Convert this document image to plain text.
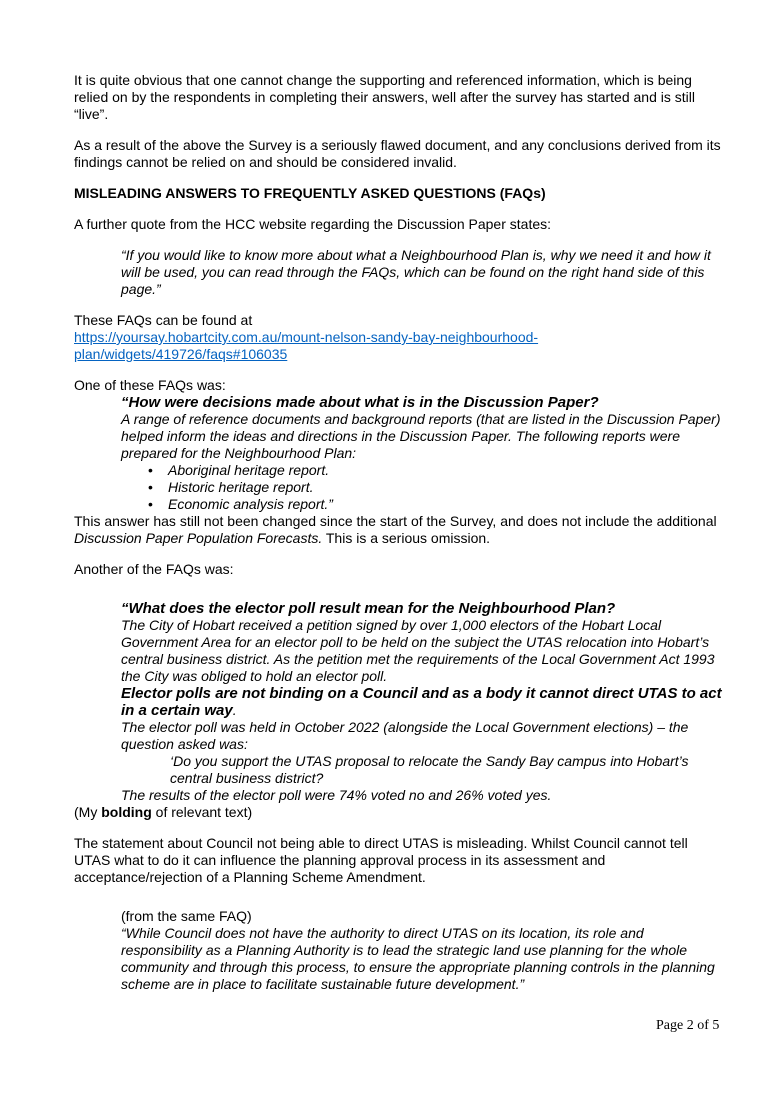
It is quite obvious that one cannot change the supporting and referenced information, which is being relied on by the respondents in completing their answers, well after the survey has started and is still “live”.

As a result of the above the Survey is a seriously flawed document, and any conclusions derived from its findings cannot be relied on and should be considered invalid.

MISLEADING ANSWERS TO FREQUENTLY ASKED QUESTIONS (FAQs)

A further quote from the HCC website regarding the Discussion Paper states:

“If you would like to know more about what a Neighbourhood Plan is, why we need it and how it will be used, you can read through the FAQs, which can be found on the right hand side of this page.”

These FAQs can be found at

https://yoursay.hobartcity.com.au/mount-nelson-sandy-bay-neighbourhood-
plan/widgets/419726/faqs#106035

One of these FAQs was:

“How were decisions made about what is in the Discussion Paper?

A range of reference documents and background reports (that are listed in the Discussion Paper) helped inform the ideas and directions in the Discussion Paper. The following reports were prepared for the Neighbourhood Plan:

• Aboriginal heritage report.
• Historic heritage report.
• Economic analysis report.”

This answer has still not been changed since the start of the Survey, and does not include the additional Discussion Paper Population Forecasts. This is a serious omission.

Another of the FAQs was:

“What does the elector poll result mean for the Neighbourhood Plan?

The City of Hobart received a petition signed by over 1,000 electors of the Hobart Local Government Area for an elector poll to be held on the subject the UTAS relocation into Hobart’s central business district. As the petition met the requirements of the Local Government Act 1993 the City was obliged to hold an elector poll.

Elector polls are not binding on a Council and as a body it cannot direct UTAS to act in a certain way.

The elector poll was held in October 2022 (alongside the Local Government elections) – the question asked was:

‘Do you support the UTAS proposal to relocate the Sandy Bay campus into Hobart’s central business district?

The results of the elector poll were 74% voted no and 26% voted yes.

(My bolding of relevant text)

The statement about Council not being able to direct UTAS is misleading. Whilst Council cannot tell UTAS what to do it can influence the planning approval process in its assessment and acceptance/rejection of a Planning Scheme Amendment.

(from the same FAQ)

“While Council does not have the authority to direct UTAS on its location, its role and responsibility as a Planning Authority is to lead the strategic land use planning for the whole community and through this process, to ensure the appropriate planning controls in the planning scheme are in place to facilitate sustainable future development.”

Page 2 of 5
